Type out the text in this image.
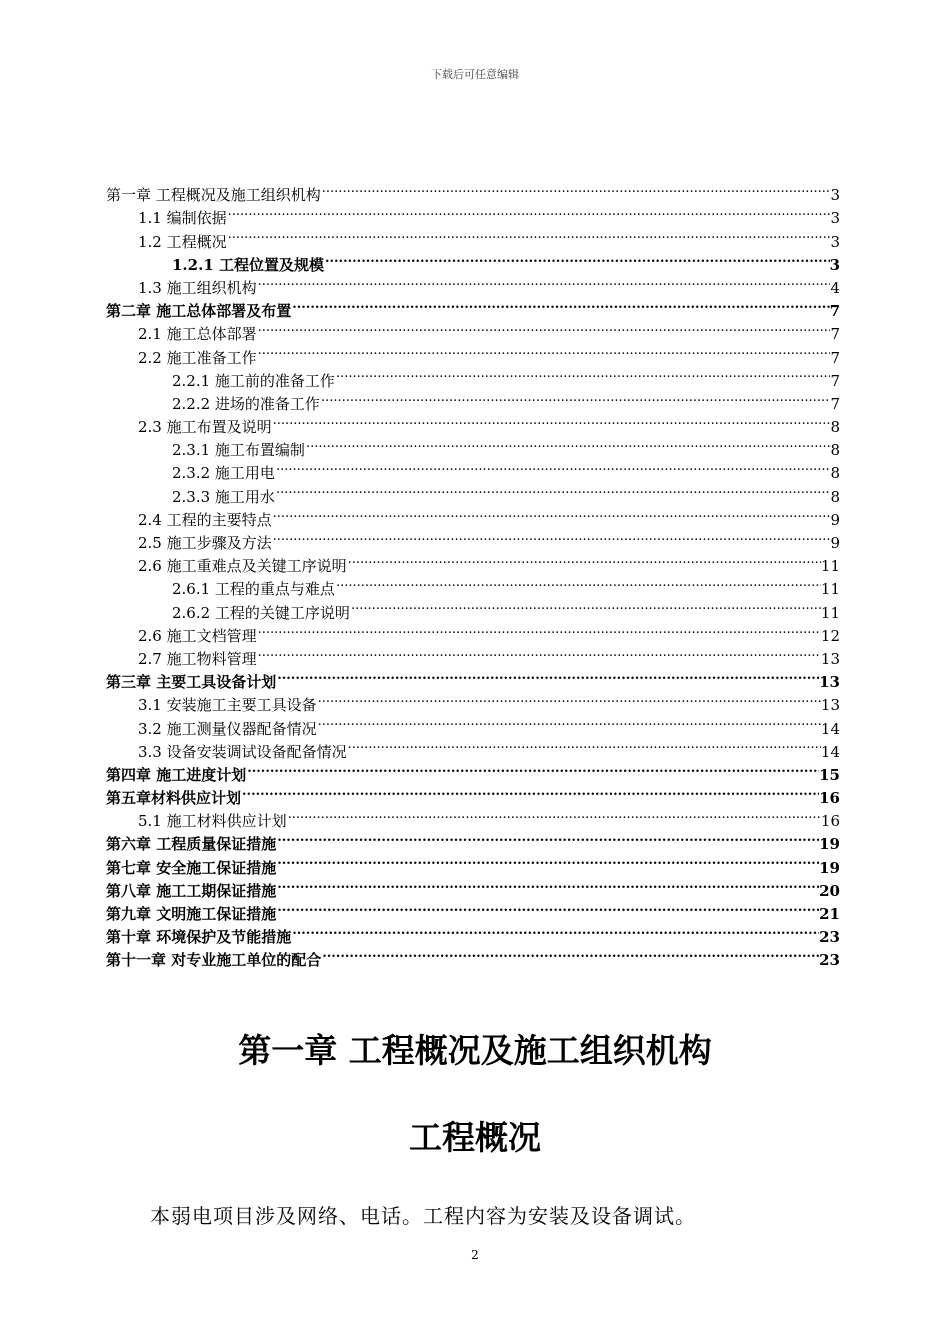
下载后可任意编辑
第一章 工程概况及施工组织机构 .....	3
1.1 编制依据 .....	3
1.2 工程概况 .....	3
1.2.1 工程位置及规模 .....	3
1.3 施工组织机构 .....	4
第二章 施工总体部署及布置 .....	7
2.1 施工总体部署 .....	7
2.2 施工准备工作 .....	7
2.2.1 施工前的准备工作 .....	7
2.2.2 进场的准备工作 .....	7
2.3 施工布置及说明 .....	8
2.3.1 施工布置编制 .....	8
2.3.2 施工用电 .....	8
2.3.3 施工用水 .....	8
2.4 工程的主要特点 .....	9
2.5 施工步骤及方法 .....	9
2.6 施工重难点及关键工序说明 .....	11
2.6.1 工程的重点与难点 .....	11
2.6.2 工程的关键工序说明 .....	11
2.6 施工文档管理 .....	12
2.7 施工物料管理 .....	13
第三章 主要工具设备计划 .....	13
3.1 安装施工主要工具设备 .....	13
3.2 施工测量仪器配备情况 .....	14
3.3 设备安装调试设备配备情况 .....	14
第四章 施工进度计划 .....	15
第五章材料供应计划 .....	16
5.1 施工材料供应计划 .....	16
第六章 工程质量保证措施 .....	19
第七章 安全施工保证措施 .....	19
第八章 施工工期保证措施 .....	20
第九章 文明施工保证措施 .....	21
第十章 环境保护及节能措施 .....	23
第十一章 对专业施工单位的配合 .....	23
第一章 工程概况及施工组织机构
工程概况
本弱电项目涉及网络、电话。工程内容为安装及设备调试。
2
